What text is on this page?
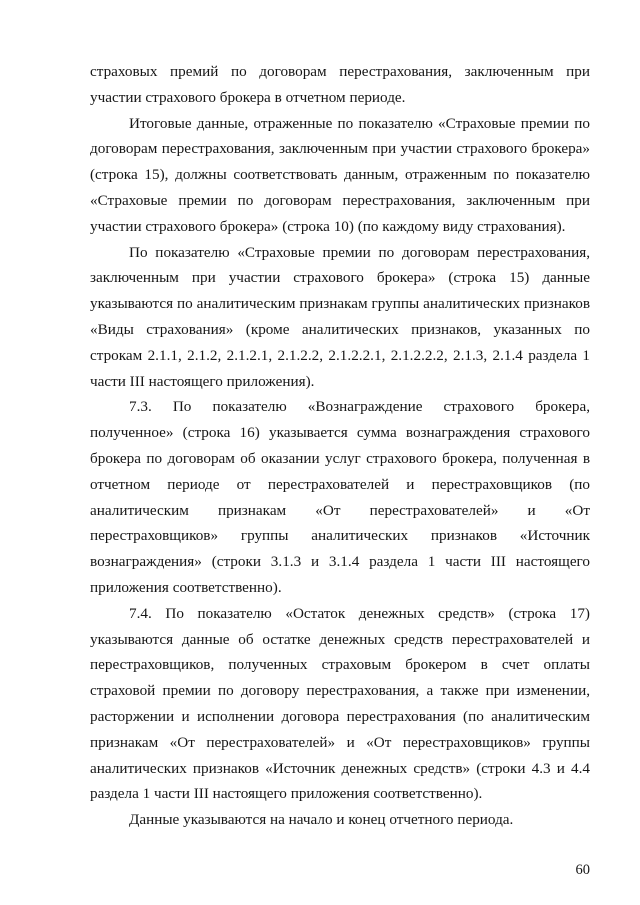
страховых премий по договорам перестрахования, заключенным при участии страхового брокера в отчетном периоде.

Итоговые данные, отраженные по показателю «Страховые премии по договорам перестрахования, заключенным при участии страхового брокера» (строка 15), должны соответствовать данным, отраженным по показателю «Страховые премии по договорам перестрахования, заключенным при участии страхового брокера» (строка 10) (по каждому виду страхования).

По показателю «Страховые премии по договорам перестрахования, заключенным при участии страхового брокера» (строка 15) данные указываются по аналитическим признакам группы аналитических признаков «Виды страхования» (кроме аналитических признаков, указанных по строкам 2.1.1, 2.1.2, 2.1.2.1, 2.1.2.2, 2.1.2.2.1, 2.1.2.2.2, 2.1.3, 2.1.4 раздела 1 части III настоящего приложения).

7.3. По показателю «Вознаграждение страхового брокера, полученное» (строка 16) указывается сумма вознаграждения страхового брокера по договорам об оказании услуг страхового брокера, полученная в отчетном периоде от перестрахователей и перестраховщиков (по аналитическим признакам «От перестрахователей» и «От перестраховщиков» группы аналитических признаков «Источник вознаграждения» (строки 3.1.3 и 3.1.4 раздела 1 части III настоящего приложения соответственно).

7.4. По показателю «Остаток денежных средств» (строка 17) указываются данные об остатке денежных средств перестрахователей и перестраховщиков, полученных страховым брокером в счет оплаты страховой премии по договору перестрахования, а также при изменении, расторжении и исполнении договора перестрахования (по аналитическим признакам «От перестрахователей» и «От перестраховщиков» группы аналитических признаков «Источник денежных средств» (строки 4.3 и 4.4 раздела 1 части III настоящего приложения соответственно).

Данные указываются на начало и конец отчетного периода.

60
